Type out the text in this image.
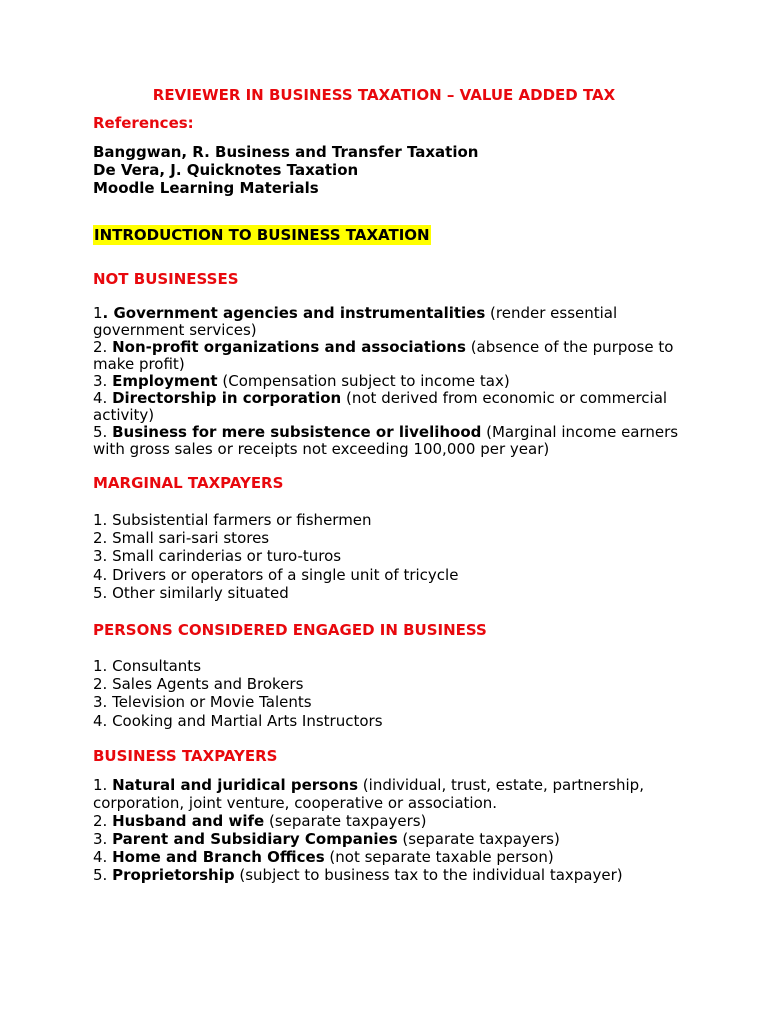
REVIEWER IN BUSINESS TAXATION – VALUE ADDED TAX
References:
Banggwan, R. Business and Transfer Taxation
De Vera, J. Quicknotes Taxation
Moodle Learning Materials
INTRODUCTION TO BUSINESS TAXATION
NOT BUSINESSES
1. Government agencies and instrumentalities (render essential government services)
2. Non-profit organizations and associations (absence of the purpose to make profit)
3. Employment (Compensation subject to income tax)
4. Directorship in corporation (not derived from economic or commercial activity)
5. Business for mere subsistence or livelihood (Marginal income earners with gross sales or receipts not exceeding 100,000 per year)
MARGINAL TAXPAYERS
1. Subsistential farmers or fishermen
2. Small sari-sari stores
3. Small carinderias or turo-turos
4. Drivers or operators of a single unit of tricycle
5. Other similarly situated
PERSONS CONSIDERED ENGAGED IN BUSINESS
1. Consultants
2. Sales Agents and Brokers
3. Television or Movie Talents
4. Cooking and Martial Arts Instructors
BUSINESS TAXPAYERS
1. Natural and juridical persons (individual, trust, estate, partnership, corporation, joint venture, cooperative or association.
2. Husband and wife (separate taxpayers)
3. Parent and Subsidiary Companies (separate taxpayers)
4. Home and Branch Offices (not separate taxable person)
5. Proprietorship (subject to business tax to the individual taxpayer)
